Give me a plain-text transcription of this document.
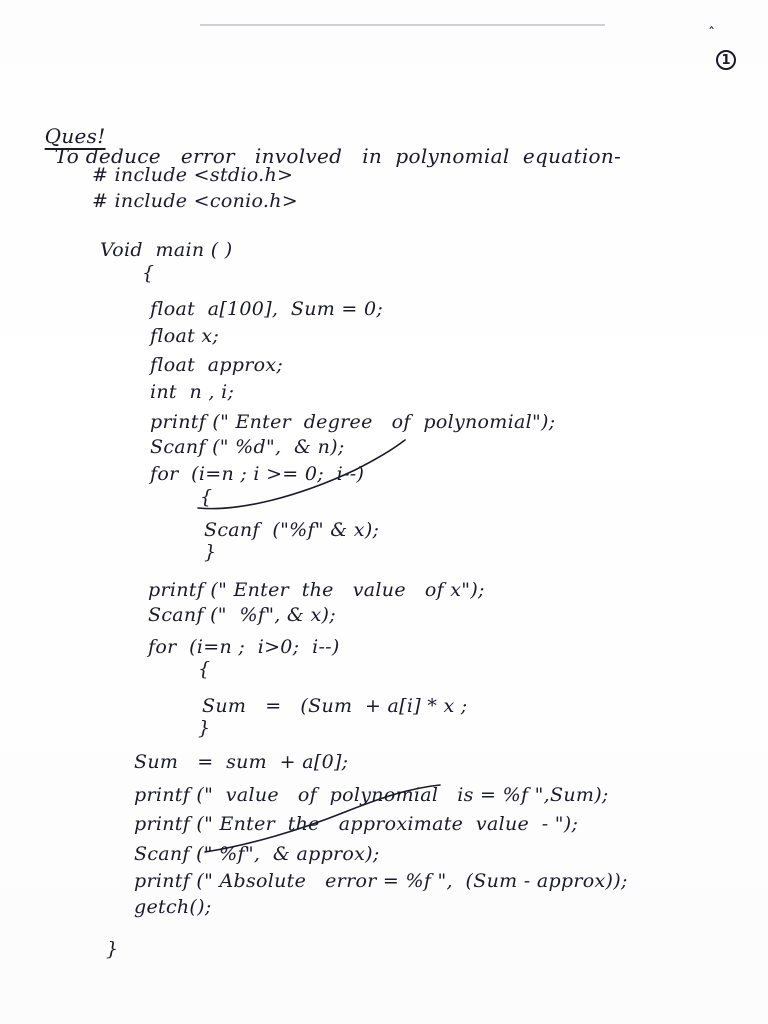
ˆ
1

Ques!
To deduce   error   involved   in  polynomial  equation-

# include <stdio.h>
# include <conio.h>
Void  main ( )
{
float  a[100],  Sum = 0;
float x;
float  approx;
int  n , i;
printf (" Enter  degree   of  polynomial");
Scanf (" %d",  & n);
for  (i=n ; i >= 0;  i--)
{
Scanf  ("%f" & x);
}
printf (" Enter  the   value   of x");
Scanf ("  %f", & x);
for  (i=n ;  i>0;  i--)
{
Sum   =   (Sum  + a[i] * x ;
}
Sum   =  sum  + a[0];
printf ("  value   of  polynomial   is = %f ",Sum);
printf (" Enter  the   approximate  value  - ");
Scanf (" %f",  & approx);
printf (" Absolute   error = %f ",  (Sum - approx));
getch();
}
